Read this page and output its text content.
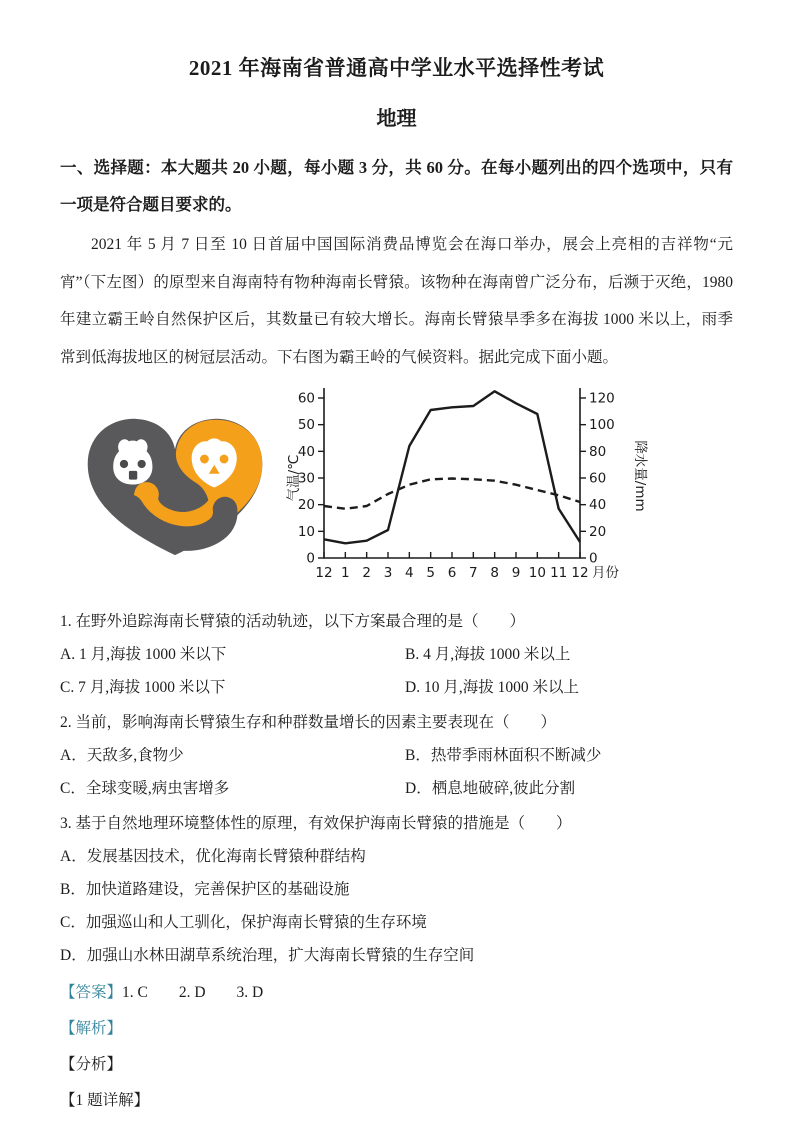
2021 年海南省普通高中学业水平选择性考试
地理
一、选择题：本大题共 20 小题，每小题 3 分，共 60 分。在每小题列出的四个选项中，只有一项是符合题目要求的。
2021 年 5 月 7 日至 10 日首届中国国际消费品博览会在海口举办，展会上亮相的吉祥物“元宵”（下左图）的原型来自海南特有物种海南长臂猿。该物种在海南曾广泛分布，后濒于灭绝，1980 年建立霸王岭自然保护区后，其数量已有较大增长。海南长臂猿旱季多在海拔 1000 米以上，雨季常到低海拔地区的树冠层活动。下右图为霸王岭的气候资料。据此完成下面小题。
0
10
20
30
40
50
60
0
20
40
60
80
100
120
12 1 2 3 4 5 6 7 8 9 10 11 12 月份
气温/℃	降水量/mm
1. 在野外追踪海南长臂猿的活动轨迹，以下方案最合理的是（　　）
A. 1 月,海拔 1000 米以下	B. 4 月,海拔 1000 米以上
C. 7 月,海拔 1000 米以下	D. 10 月,海拔 1000 米以上
2. 当前，影响海南长臂猿生存和种群数量增长的因素主要表现在（　　）
A．天敌多,食物少	B．热带季雨林面积不断减少
C．全球变暖,病虫害增多	D．栖息地破碎,彼此分割
3. 基于自然地理环境整体性的原理，有效保护海南长臂猿的措施是（　　）
A．发展基因技术，优化海南长臂猿种群结构
B．加快道路建设，完善保护区的基础设施
C．加强巡山和人工驯化，保护海南长臂猿的生存环境
D．加强山水林田湖草系统治理，扩大海南长臂猿的生存空间
【答案】1. C　　2. D　　3. D
【解析】
【分析】
【1 题详解】
